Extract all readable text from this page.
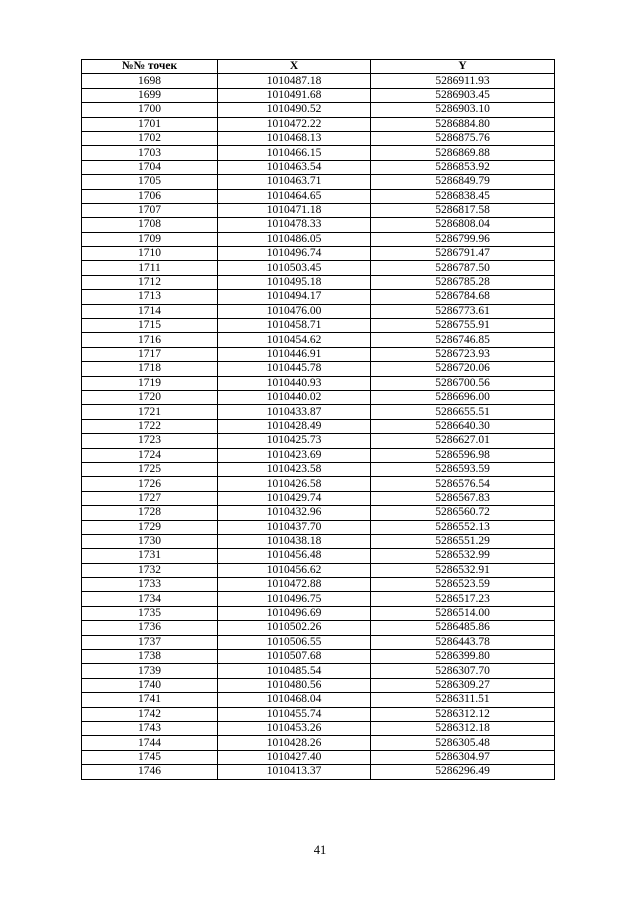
№№ точек	X	Y
1698	1010487.18	5286911.93
1699	1010491.68	5286903.45
1700	1010490.52	5286903.10
1701	1010472.22	5286884.80
1702	1010468.13	5286875.76
1703	1010466.15	5286869.88
1704	1010463.54	5286853.92
1705	1010463.71	5286849.79
1706	1010464.65	5286838.45
1707	1010471.18	5286817.58
1708	1010478.33	5286808.04
1709	1010486.05	5286799.96
1710	1010496.74	5286791.47
1711	1010503.45	5286787.50
1712	1010495.18	5286785.28
1713	1010494.17	5286784.68
1714	1010476.00	5286773.61
1715	1010458.71	5286755.91
1716	1010454.62	5286746.85
1717	1010446.91	5286723.93
1718	1010445.78	5286720.06
1719	1010440.93	5286700.56
1720	1010440.02	5286696.00
1721	1010433.87	5286655.51
1722	1010428.49	5286640.30
1723	1010425.73	5286627.01
1724	1010423.69	5286596.98
1725	1010423.58	5286593.59
1726	1010426.58	5286576.54
1727	1010429.74	5286567.83
1728	1010432.96	5286560.72
1729	1010437.70	5286552.13
1730	1010438.18	5286551.29
1731	1010456.48	5286532.99
1732	1010456.62	5286532.91
1733	1010472.88	5286523.59
1734	1010496.75	5286517.23
1735	1010496.69	5286514.00
1736	1010502.26	5286485.86
1737	1010506.55	5286443.78
1738	1010507.68	5286399.80
1739	1010485.54	5286307.70
1740	1010480.56	5286309.27
1741	1010468.04	5286311.51
1742	1010455.74	5286312.12
1743	1010453.26	5286312.18
1744	1010428.26	5286305.48
1745	1010427.40	5286304.97
1746	1010413.37	5286296.49
41
